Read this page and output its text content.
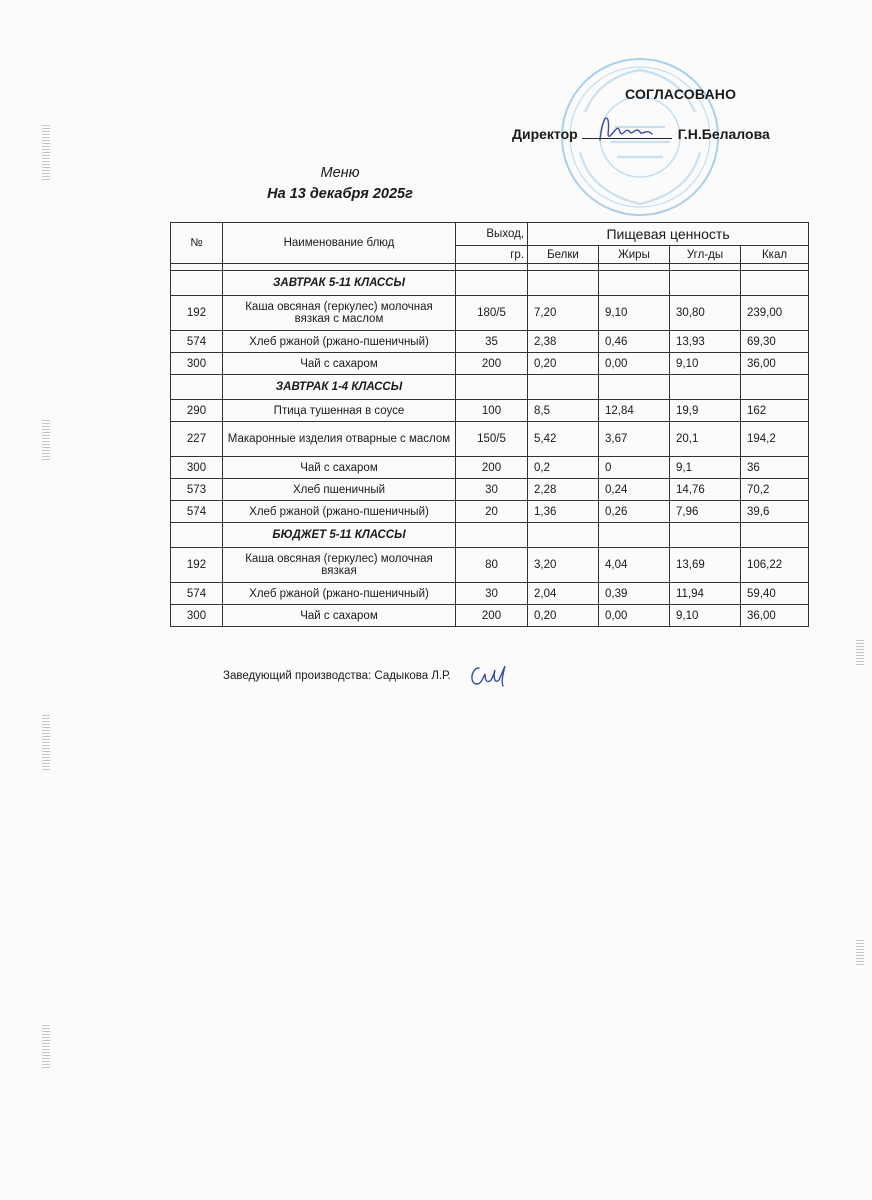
СОГЛАСОВАНО
Директор	Г.Н.Белалова
Меню
На 13 декабря 2025г
№	Наименование блюд	Выход,	Пищевая ценность			
		гр.	Белки	Жиры	Угл-ды	Ккал

	ЗАВТРАК 5-11 КЛАССЫ					
192	Каша овсяная (геркулес) молочная вязкая с маслом	180/5	7,20	9,10	30,80	239,00
574	Хлеб ржаной (ржано-пшеничный)	35	2,38	0,46	13,93	69,30
300	Чай с сахаром	200	0,20	0,00	9,10	36,00
	ЗАВТРАК 1-4 КЛАССЫ					
290	Птица тушенная в соусе	100	8,5	12,84	19,9	162
227	Макаронные изделия отварные с маслом	150/5	5,42	3,67	20,1	194,2
300	Чай с сахаром	200	0,2	0	9,1	36
573	Хлеб пшеничный	30	2,28	0,24	14,76	70,2
574	Хлеб ржаной (ржано-пшеничный)	20	1,36	0,26	7,96	39,6
	БЮДЖЕТ 5-11 КЛАССЫ					
192	Каша овсяная (геркулес) молочная вязкая	80	3,20	4,04	13,69	106,22
574	Хлеб ржаной (ржано-пшеничный)	30	2,04	0,39	11,94	59,40
300	Чай с сахаром	200	0,20	0,00	9,10	36,00
Заведующий производства: Садыкова Л.Р.
